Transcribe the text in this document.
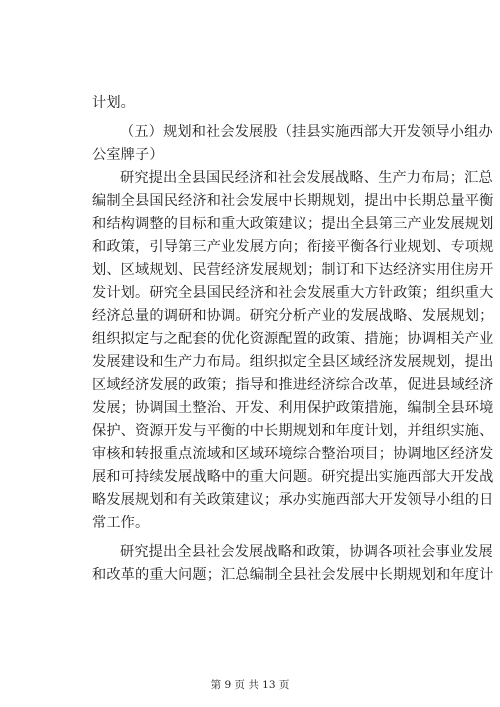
计划。
（五）规划和社会发展股（挂县实施西部大开发领导小组办
公室牌子）
研究提出全县国民经济和社会发展战略、生产力布局；汇总
编制全县国民经济和社会发展中长期规划，提出中长期总量平衡
和结构调整的目标和重大政策建议；提出全县第三产业发展规划
和政策，引导第三产业发展方向；衔接平衡各行业规划、专项规
划、区域规划、民营经济发展规划；制订和下达经济实用住房开
发计划。研究全县国民经济和社会发展重大方针政策；组织重大
经济总量的调研和协调。研究分析产业的发展战略、发展规划；
组织拟定与之配套的优化资源配置的政策、措施；协调相关产业
发展建设和生产力布局。组织拟定全县区域经济发展规划，提出
区域经济发展的政策；指导和推进经济综合改革，促进县域经济
发展；协调国土整治、开发、利用保护政策措施，编制全县环境
保护、资源开发与平衡的中长期规划和年度计划，并组织实施、
审核和转报重点流域和区域环境综合整治项目；协调地区经济发
展和可持续发展战略中的重大问题。研究提出实施西部大开发战
略发展规划和有关政策建议；承办实施西部大开发领导小组的日
常工作。
研究提出全县社会发展战略和政策，协调各项社会事业发展
和改革的重大问题；汇总编制全县社会发展中长期规划和年度计
第 9 页 共 13 页
